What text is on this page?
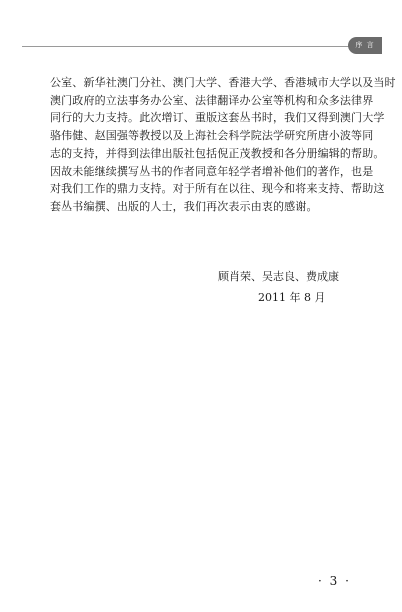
序 言
公室、新华社澳门分社、澳门大学、香港大学、香港城市大学以及当时
澳门政府的立法事务办公室、法律翻译办公室等机构和众多法律界
同行的大力支持。此次增订、重版这套丛书时，我们又得到澳门大学
骆伟健、赵国强等教授以及上海社会科学院法学研究所唐小波等同
志的支持，并得到法律出版社包括倪正茂教授和各分册编辑的帮助。
因故未能继续撰写丛书的作者同意年轻学者增补他们的著作，也是
对我们工作的鼎力支持。对于所有在以往、现今和将来支持、帮助这
套丛书编撰、出版的人士，我们再次表示由衷的感谢。
顾肖荣、吴志良、费成康
2011 年 8 月
· 3 ·
